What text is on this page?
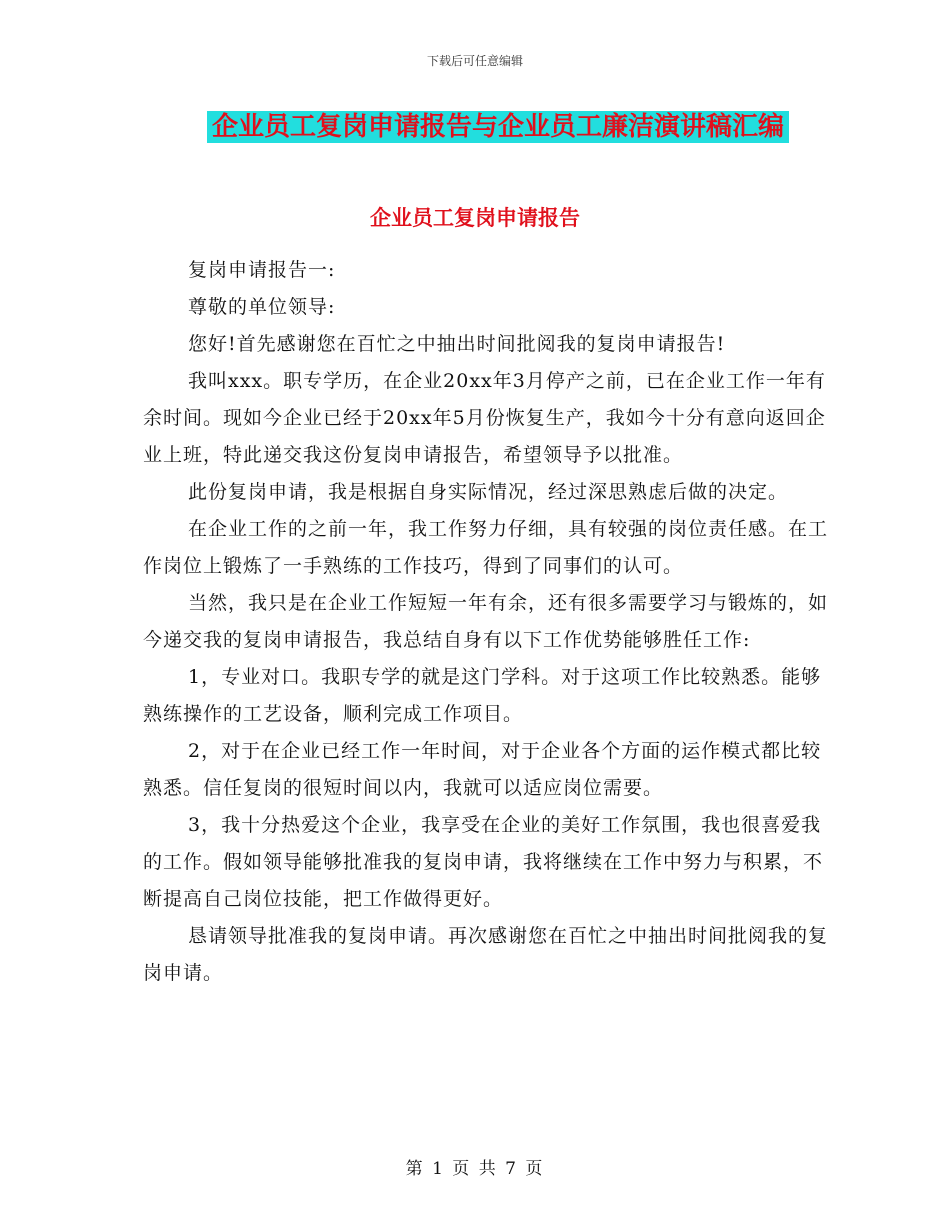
下载后可任意编辑
企业员工复岗申请报告与企业员工廉洁演讲稿汇编
企业员工复岗申请报告

复岗申请报告一:

尊敬的单位领导:

您好!首先感谢您在百忙之中抽出时间批阅我的复岗申请报告!

我叫xxx。职专学历，在企业20xx年3月停产之前，已在企业工作一年有余时间。现如今企业已经于20xx年5月份恢复生产，我如今十分有意向返回企业上班，特此递交我这份复岗申请报告，希望领导予以批准。

此份复岗申请，我是根据自身实际情况，经过深思熟虑后做的决定。

在企业工作的之前一年，我工作努力仔细，具有较强的岗位责任感。在工作岗位上锻炼了一手熟练的工作技巧，得到了同事们的认可。

当然，我只是在企业工作短短一年有余，还有很多需要学习与锻炼的，如今递交我的复岗申请报告，我总结自身有以下工作优势能够胜任工作:

1，专业对口。我职专学的就是这门学科。对于这项工作比较熟悉。能够熟练操作的工艺设备，顺利完成工作项目。

2，对于在企业已经工作一年时间，对于企业各个方面的运作模式都比较熟悉。信任复岗的很短时间以内，我就可以适应岗位需要。

3，我十分热爱这个企业，我享受在企业的美好工作氛围，我也很喜爱我的工作。假如领导能够批准我的复岗申请，我将继续在工作中努力与积累，不断提高自己岗位技能，把工作做得更好。

恳请领导批准我的复岗申请。再次感谢您在百忙之中抽出时间批阅我的复岗申请。

第 1 页 共 7 页
